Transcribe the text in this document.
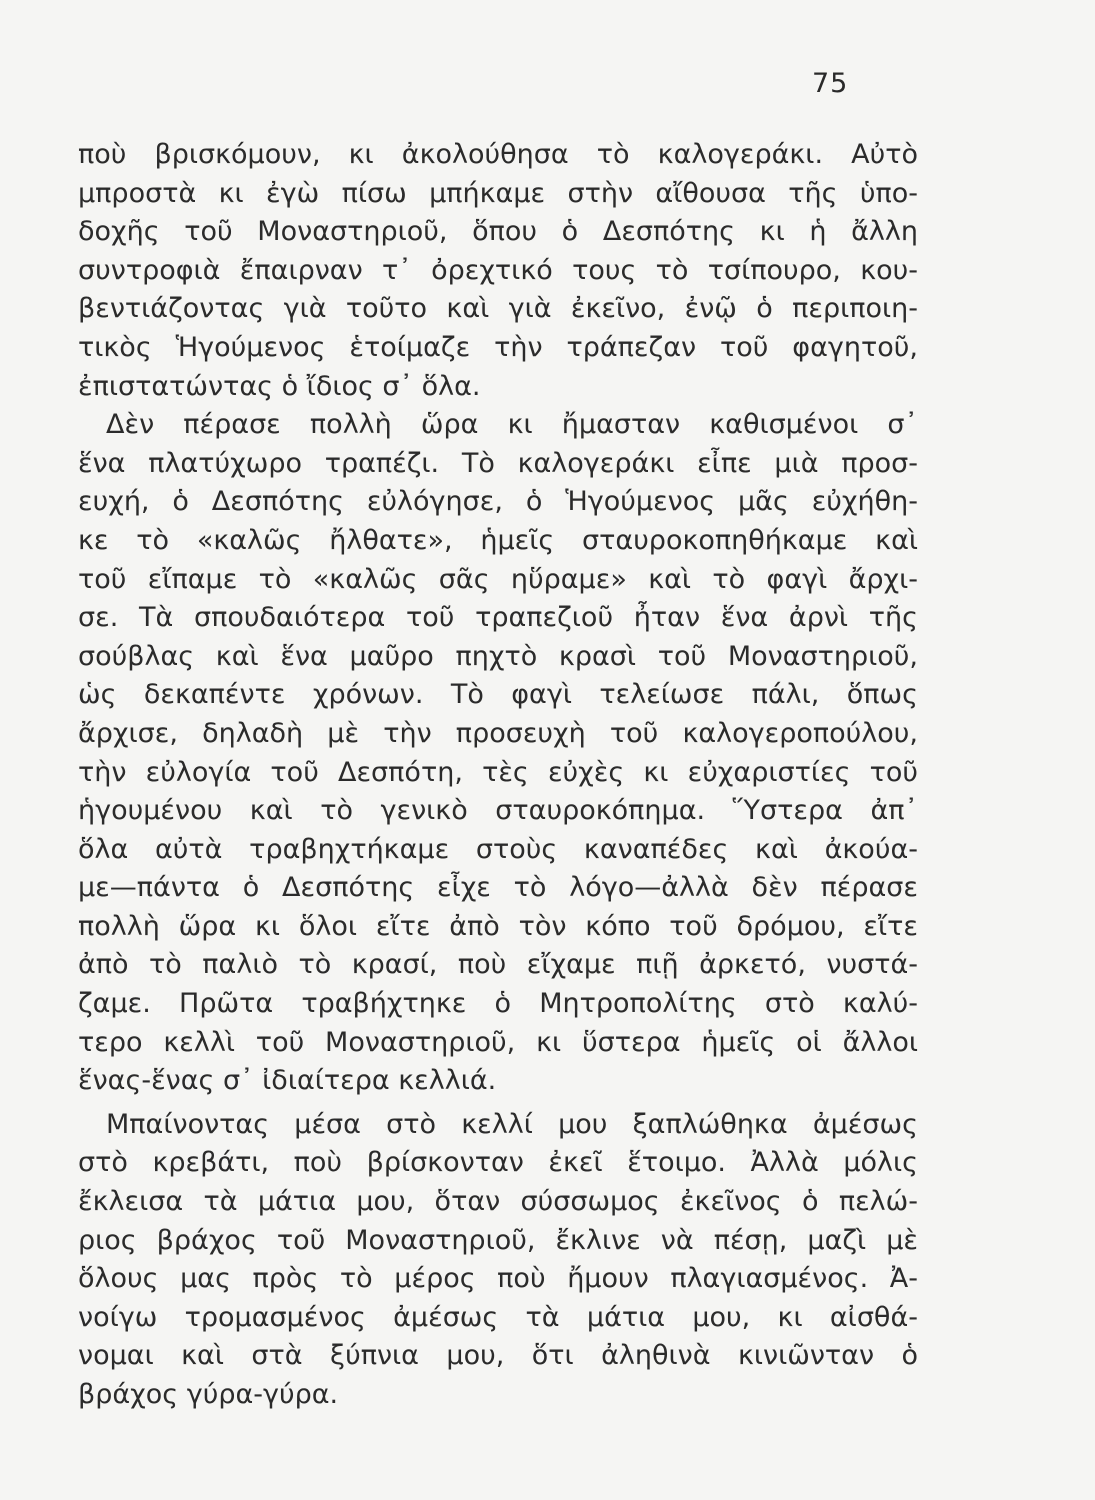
75
ποὺ βρισκόμουν, κι ἀκολούθησα τὸ καλογεράκι. Αὐτὸ
μπροστὰ κι ἐγὼ πίσω μπήκαμε στὴν αἴθουσα τῆς ὑπο-
δοχῆς τοῦ Μοναστηριοῦ, ὅπου ὁ Δεσπότης κι ἡ ἄλλη
συντροφιὰ ἔπαιρναν τ᾿ ὀρεχτικό τους τὸ τσίπουρο, κου-
βεντιάζοντας γιὰ τοῦτο καὶ γιὰ ἐκεῖνο, ἐνῷ ὁ περιποιη-
τικὸς Ἡγούμενος ἑτοίμαζε τὴν τράπεζαν τοῦ φαγητοῦ,
ἐπιστατώντας ὁ ἴδιος σ᾿ ὅλα.
Δὲν πέρασε πολλὴ ὥρα κι ἤμασταν καθισμένοι σ᾿
ἕνα πλατύχωρο τραπέζι. Τὸ καλογεράκι εἶπε μιὰ προσ-
ευχή, ὁ Δεσπότης εὐλόγησε, ὁ Ἡγούμενος μᾶς εὐχήθη-
κε τὸ «καλῶς ἤλθατε», ἡμεῖς σταυροκοπηθήκαμε καὶ
τοῦ εἴπαμε τὸ «καλῶς σᾶς ηὕραμε» καὶ τὸ φαγὶ ἄρχι-
σε. Τὰ σπουδαιότερα τοῦ τραπεζιοῦ ἦταν ἕνα ἀρνὶ τῆς
σούβλας καὶ ἕνα μαῦρο πηχτὸ κρασὶ τοῦ Μοναστηριοῦ,
ὡς δεκαπέντε χρόνων. Τὸ φαγὶ τελείωσε πάλι, ὅπως
ἄρχισε, δηλαδὴ μὲ τὴν προσευχὴ τοῦ καλογεροπούλου,
τὴν εὐλογία τοῦ Δεσπότη, τὲς εὐχὲς κι εὐχαριστίες τοῦ
ἡγουμένου καὶ τὸ γενικὸ σταυροκόπημα. Ὕστερα ἀπ᾿
ὅλα αὐτὰ τραβηχτήκαμε στοὺς καναπέδες καὶ ἀκούα-
με—πάντα ὁ Δεσπότης εἶχε τὸ λόγο—ἀλλὰ δὲν πέρασε
πολλὴ ὥρα κι ὅλοι εἴτε ἀπὸ τὸν κόπο τοῦ δρόμου, εἴτε
ἀπὸ τὸ παλιὸ τὸ κρασί, ποὺ εἴχαμε πιῇ ἀρκετό, νυστά-
ζαμε. Πρῶτα τραβήχτηκε ὁ Μητροπολίτης στὸ καλύ-
τερο κελλὶ τοῦ Μοναστηριοῦ, κι ὕστερα ἡμεῖς οἱ ἄλλοι
ἕνας-ἕνας σ᾿ ἰδιαίτερα κελλιά.
Μπαίνοντας μέσα στὸ κελλί μου ξαπλώθηκα ἀμέσως
στὸ κρεβάτι, ποὺ βρίσκονταν ἐκεῖ ἕτοιμο. Ἀλλὰ μόλις
ἔκλεισα τὰ μάτια μου, ὅταν σύσσωμος ἐκεῖνος ὁ πελώ-
ριος βράχος τοῦ Μοναστηριοῦ, ἔκλινε νὰ πέσῃ, μαζὶ μὲ
ὅλους μας πρὸς τὸ μέρος ποὺ ἤμουν πλαγιασμένος. Ἀ-
νοίγω τρομασμένος ἀμέσως τὰ μάτια μου, κι αἰσθά-
νομαι καὶ στὰ ξύπνια μου, ὅτι ἀληθινὰ κινιῶνταν ὁ
βράχος γύρα-γύρα.
